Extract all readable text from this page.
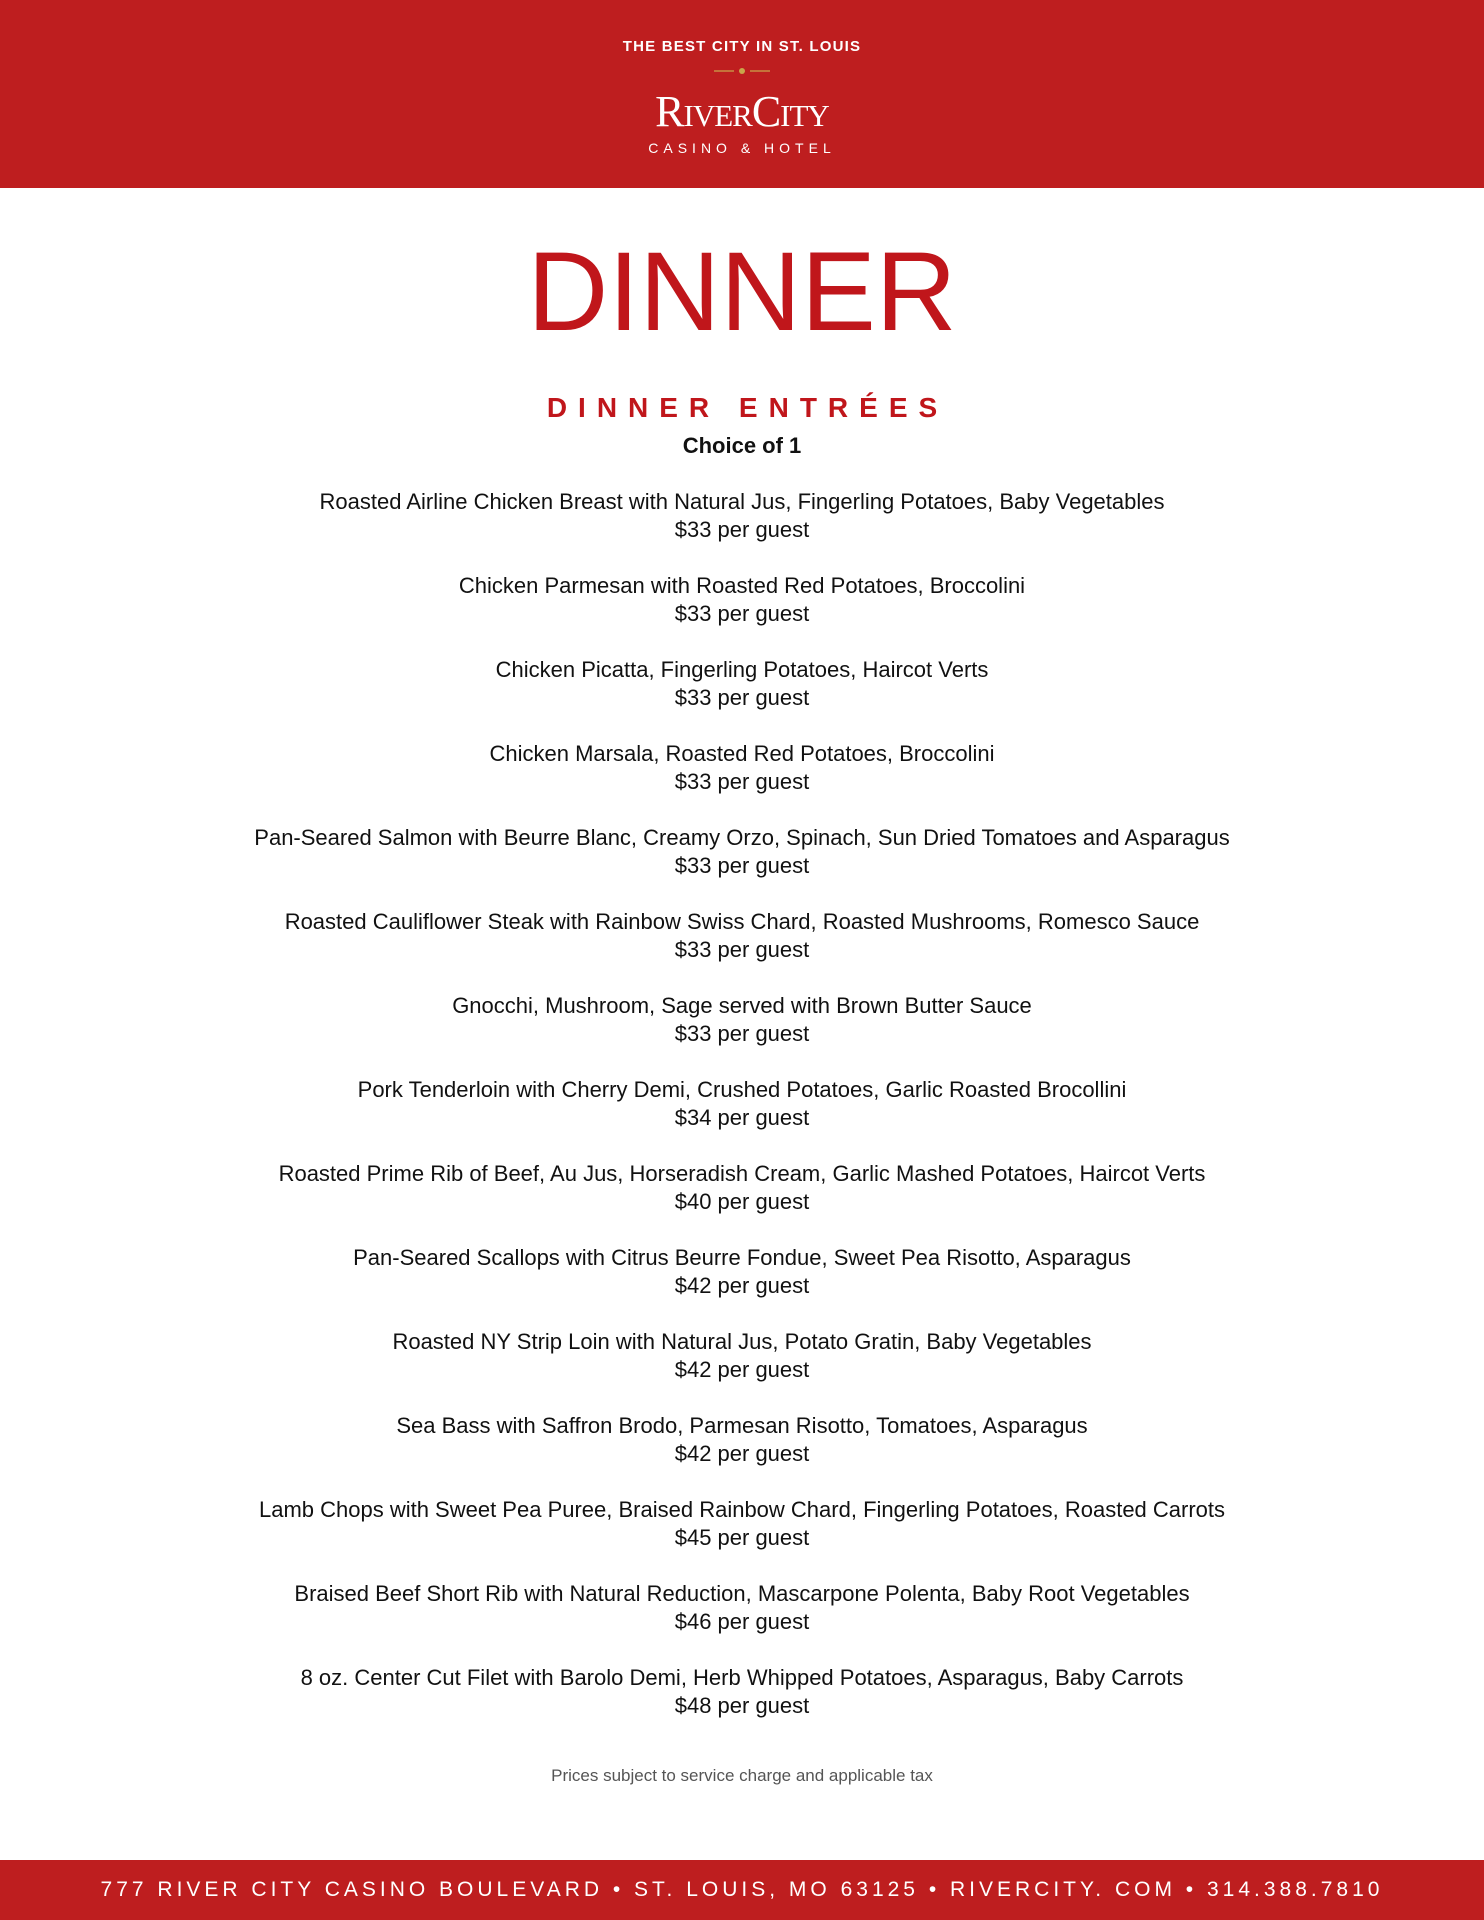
THE BEST CITY IN ST. LOUIS
RiverCity
CASINO & HOTEL
DINNER
DINNER ENTRÉES
Choice of 1
Roasted Airline Chicken Breast with Natural Jus, Fingerling Potatoes, Baby Vegetables
$33 per guest
Chicken Parmesan with Roasted Red Potatoes, Broccolini
$33 per guest
Chicken Picatta, Fingerling Potatoes, Haircot Verts
$33 per guest
Chicken Marsala, Roasted Red Potatoes, Broccolini
$33 per guest
Pan-Seared Salmon with Beurre Blanc, Creamy Orzo, Spinach, Sun Dried Tomatoes and Asparagus
$33 per guest
Roasted Cauliflower Steak with Rainbow Swiss Chard, Roasted Mushrooms, Romesco Sauce
$33 per guest
Gnocchi, Mushroom, Sage served with Brown Butter Sauce
$33 per guest
Pork Tenderloin with Cherry Demi, Crushed Potatoes, Garlic Roasted Brocollini
$34 per guest
Roasted Prime Rib of Beef, Au Jus, Horseradish Cream, Garlic Mashed Potatoes, Haircot Verts
$40 per guest
Pan-Seared Scallops with Citrus Beurre Fondue, Sweet Pea Risotto, Asparagus
$42 per guest
Roasted NY Strip Loin with Natural Jus, Potato Gratin, Baby Vegetables
$42 per guest
Sea Bass with Saffron Brodo, Parmesan Risotto, Tomatoes, Asparagus
$42 per guest
Lamb Chops with Sweet Pea Puree, Braised Rainbow Chard, Fingerling Potatoes, Roasted Carrots
$45 per guest
Braised Beef Short Rib with Natural Reduction, Mascarpone Polenta, Baby Root Vegetables
$46 per guest
8 oz. Center Cut Filet with Barolo Demi, Herb Whipped Potatoes, Asparagus, Baby Carrots
$48 per guest
Prices subject to service charge and applicable tax
777 RIVER CITY CASINO BOULEVARD • ST. LOUIS, MO 63125 • RIVERCITY. COM • 314.388.7810
